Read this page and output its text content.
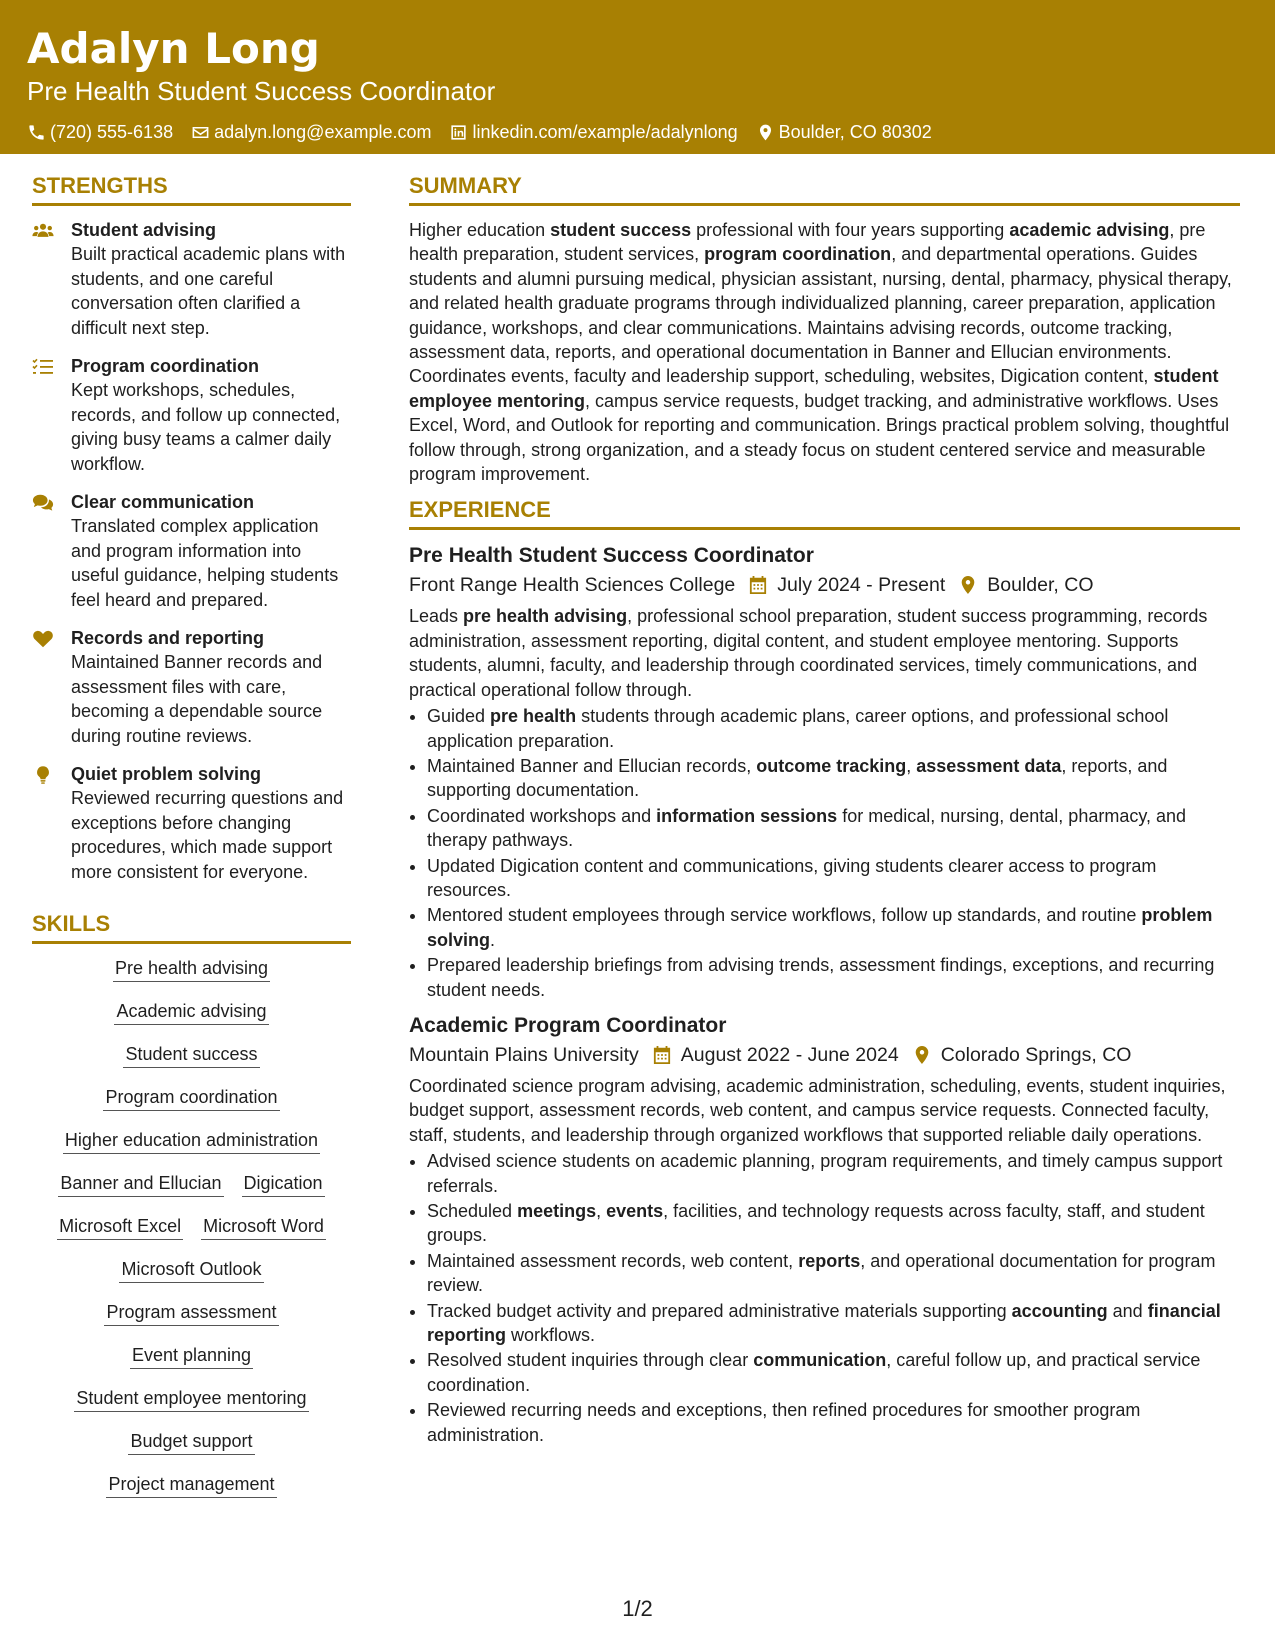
Adalyn Long
Pre Health Student Success Coordinator
(720) 555-6138 adalyn.long@example.com linkedin.com/example/adalynlong Boulder, CO 80302
STRENGTHS
Student advising
Built practical academic plans with students, and one careful conversation often clarified a difficult next step.
Program coordination
Kept workshops, schedules, records, and follow up connected, giving busy teams a calmer daily workflow.
Clear communication
Translated complex application and program information into useful guidance, helping students feel heard and prepared.
Records and reporting
Maintained Banner records and assessment files with care, becoming a dependable source during routine reviews.
Quiet problem solving
Reviewed recurring questions and exceptions before changing procedures, which made support more consistent for everyone.
SKILLS
Pre health advising
Academic advising
Student success
Program coordination
Higher education administration
Banner and Ellucian Digication
Microsoft Excel Microsoft Word
Microsoft Outlook
Program assessment
Event planning
Student employee mentoring
Budget support
Project management
SUMMARY

Higher education student success professional with four years supporting academic advising, pre health preparation, student services, program coordination, and departmental operations. Guides students and alumni pursuing medical, physician assistant, nursing, dental, pharmacy, physical therapy, and related health graduate programs through individualized planning, career preparation, application guidance, workshops, and clear communications. Maintains advising records, outcome tracking, assessment data, reports, and operational documentation in Banner and Ellucian environments. Coordinates events, faculty and leadership support, scheduling, websites, Digication content, student employee mentoring, campus service requests, budget tracking, and administrative workflows. Uses Excel, Word, and Outlook for reporting and communication. Brings practical problem solving, thoughtful follow through, strong organization, and a steady focus on student centered service and measurable program improvement.

EXPERIENCE
Pre Health Student Success Coordinator
Front Range Health Sciences College July 2024 - Present Boulder, CO

Leads pre health advising, professional school preparation, student success programming, records administration, assessment reporting, digital content, and student employee mentoring. Supports students, alumni, faculty, and leadership through coordinated services, timely communications, and practical operational follow through.

• Guided pre health students through academic plans, career options, and professional school application preparation.
• Maintained Banner and Ellucian records, outcome tracking, assessment data, reports, and supporting documentation.
• Coordinated workshops and information sessions for medical, nursing, dental, pharmacy, and therapy pathways.
• Updated Digication content and communications, giving students clearer access to program resources.
• Mentored student employees through service workflows, follow up standards, and routine problem solving.
• Prepared leadership briefings from advising trends, assessment findings, exceptions, and recurring student needs.
Academic Program Coordinator
Mountain Plains University August 2022 - June 2024 Colorado Springs, CO

Coordinated science program advising, academic administration, scheduling, events, student inquiries, budget support, assessment records, web content, and campus service requests. Connected faculty, staff, students, and leadership through organized workflows that supported reliable daily operations.

• Advised science students on academic planning, program requirements, and timely campus support referrals.
• Scheduled meetings, events, facilities, and technology requests across faculty, staff, and student groups.
• Maintained assessment records, web content, reports, and operational documentation for program review.
• Tracked budget activity and prepared administrative materials supporting accounting and financial reporting workflows.
• Resolved student inquiries through clear communication, careful follow up, and practical service coordination.
• Reviewed recurring needs and exceptions, then refined procedures for smoother program administration.
1/2
